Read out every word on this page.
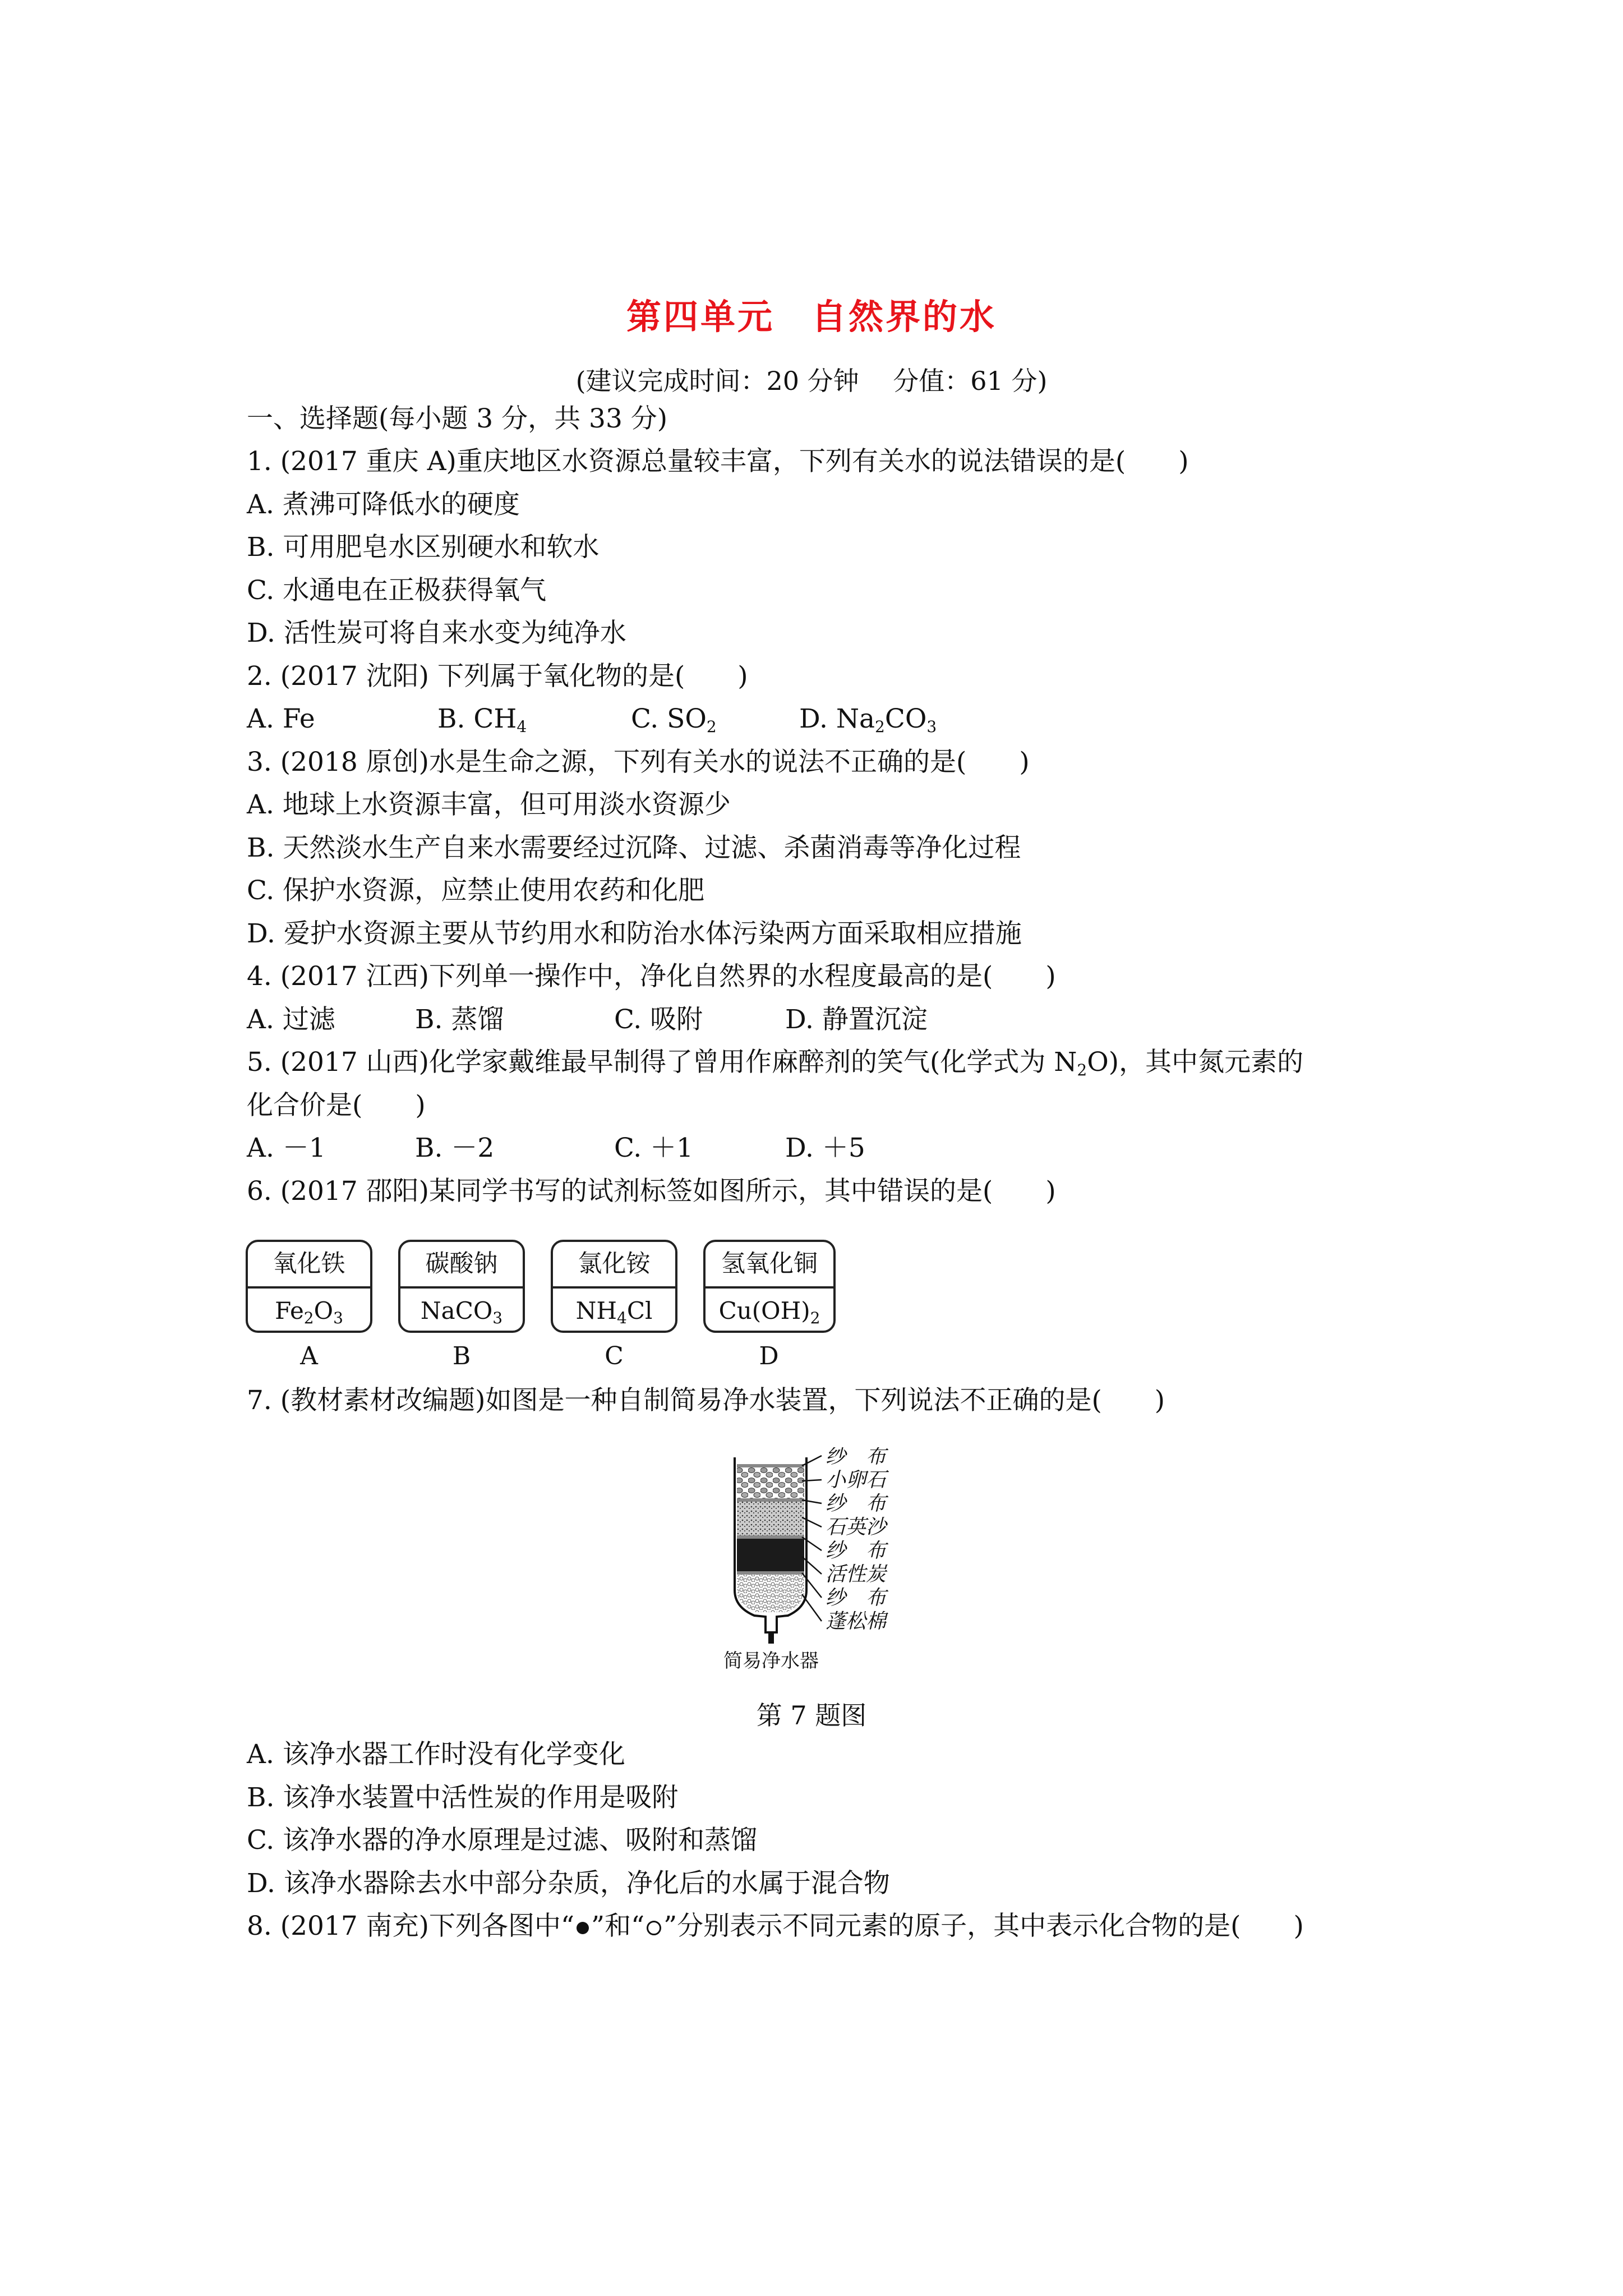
第四单元　自然界的水
(建议完成时间：20 分钟　 分值：61 分)
一、选择题(每小题 3 分，共 33 分)
1. (2017 重庆 A)重庆地区水资源总量较丰富，下列有关水的说法错误的是(　　)
A. 煮沸可降低水的硬度
B. 可用肥皂水区别硬水和软水
C. 水通电在正极获得氧气
D. 活性炭可将自来水变为纯净水
2. (2017 沈阳) 下列属于氧化物的是(　　)
A. Fe	B. $CH_4$	C. $SO_2$	D. $Na_2CO_3$
3. (2018 原创)水是生命之源，下列有关水的说法不正确的是(　　)
A. 地球上水资源丰富，但可用淡水资源少
B. 天然淡水生产自来水需要经过沉降、过滤、杀菌消毒等净化过程
C. 保护水资源，应禁止使用农药和化肥
D. 爱护水资源主要从节约用水和防治水体污染两方面采取相应措施
4. (2017 江西)下列单一操作中，净化自然界的水程度最高的是(　　)
A. 过滤	B. 蒸馏	C. 吸附	D. 静置沉淀
5. (2017 山西)化学家戴维最早制得了曾用作麻醉剂的笑气(化学式为 $N_2O$)，其中氮元素的
化合价是(　　)
A. －1	B. －2	C. ＋1	D. ＋5
6. (2017 邵阳)某同学书写的试剂标签如图所示，其中错误的是(　　)
氧化铁
$Fe_2O_3$
A
碳酸钠
NaCO$_3$
B
氯化铵
$NH_4Cl$
C
氢氧化铜
$Cu(OH)_2$
D
7. (教材素材改编题)如图是一种自制简易净水装置，下列说法不正确的是(　　)
纱　布
小卵石
纱　布
石英沙
纱　布
活性炭
纱　布
蓬松棉
简易净水器
第 7 题图
A. 该净水器工作时没有化学变化
B. 该净水装置中活性炭的作用是吸附
C. 该净水器的净水原理是过滤、吸附和蒸馏
D. 该净水器除去水中部分杂质，净化后的水属于混合物
8. (2017 南充)下列各图中“ ”和“ ”分别表示不同元素的原子，其中表示化合物的是(　　)
